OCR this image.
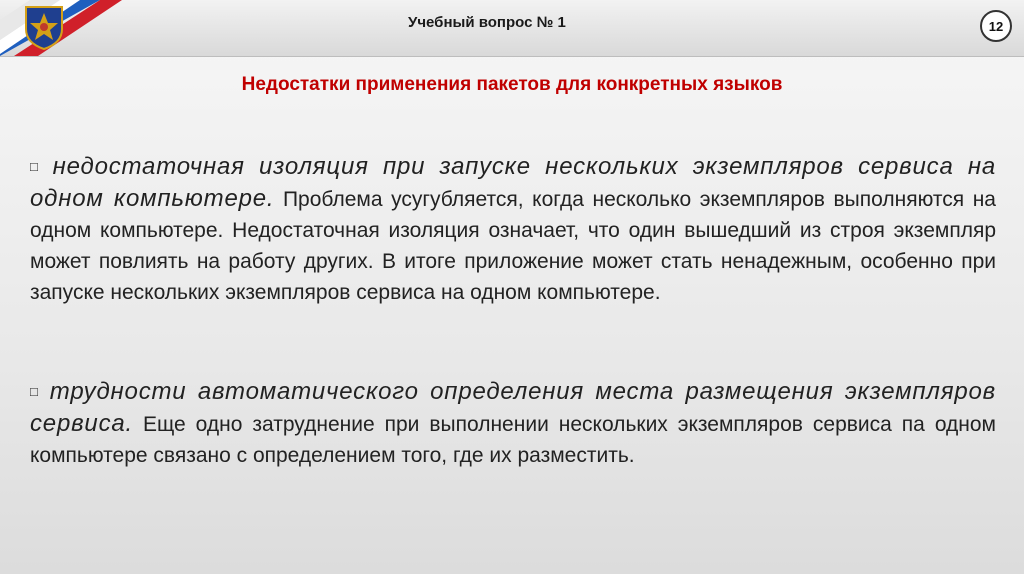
Учебный вопрос № 1	12
Недостатки применения пакетов для конкретных языков
□ недостаточная изоляция при запуске нескольких экземпляров сервиса на одном компьютере. Проблема усугубляется, когда несколько экземпляров выполняются на одном компьютере. Недостаточная изоляция означает, что один вышедший из строя экземпляр может повлиять на работу других. В итоге приложение может стать ненадежным, особенно при запуске нескольких экземпляров сервиса на одном компьютере.
□ трудности автоматического определения места размещения экземпляров сервиса. Еще одно затруднение при выполнении нескольких экземпляров сервиса па одном компьютере связано с определением того, где их разместить.
